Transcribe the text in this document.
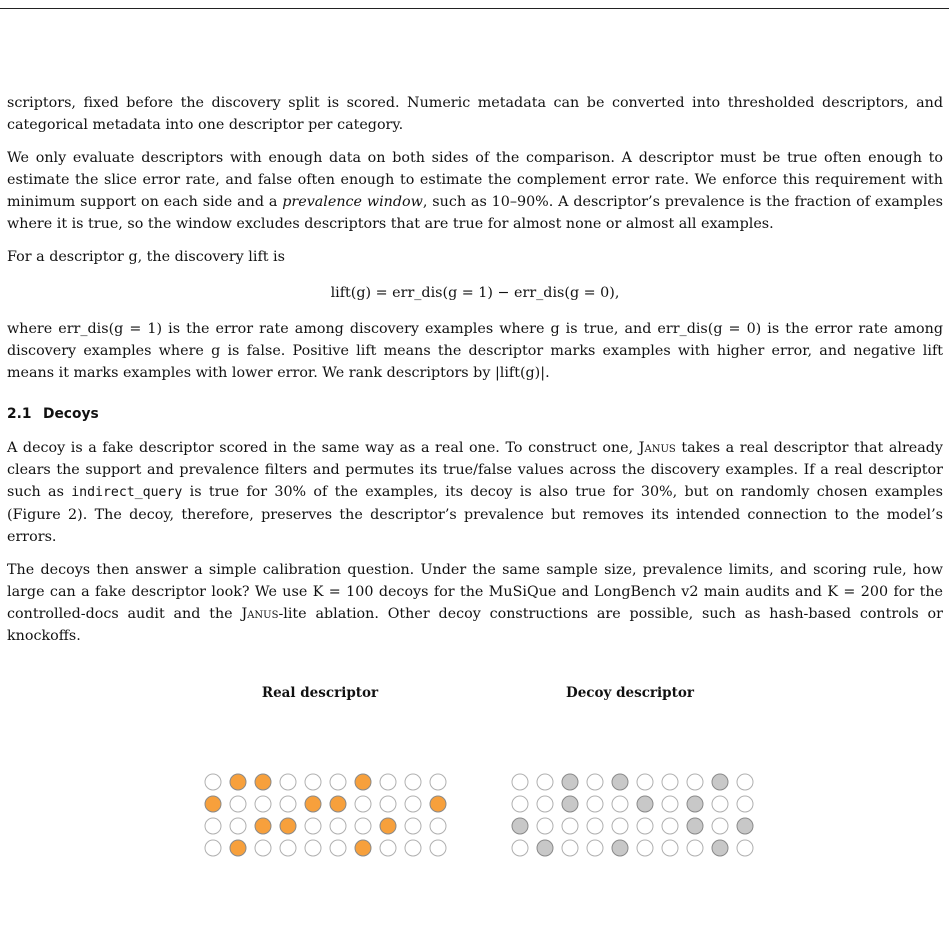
scriptors, fixed before the discovery split is scored. Numeric metadata can be converted into thresholded descriptors, and categorical metadata into one descriptor per category.

We only evaluate descriptors with enough data on both sides of the comparison. A descriptor must be true often enough to estimate the slice error rate, and false often enough to estimate the complement error rate. We enforce this requirement with minimum support on each side and a prevalence window, such as 10–90%. A descriptor’s prevalence is the fraction of examples where it is true, so the window excludes descriptors that are true for almost none or almost all examples.

For a descriptor g, the discovery lift is

lift(g) = err_dis(g = 1) − err_dis(g = 0),

where err_dis(g = 1) is the error rate among discovery examples where g is true, and err_dis(g = 0) is the error rate among discovery examples where g is false. Positive lift means the descriptor marks examples with higher error, and negative lift means it marks examples with lower error. We rank descriptors by |lift(g)|.

2.1 Decoys

A decoy is a fake descriptor scored in the same way as a real one. To construct one, Janus takes a real descriptor that already clears the support and prevalence filters and permutes its true/false values across the discovery examples. If a real descriptor such as indirect_query is true for 30% of the examples, its decoy is also true for 30%, but on randomly chosen examples (Figure 2). The decoy, therefore, preserves the descriptor’s prevalence but removes its intended connection to the model’s errors.

The decoys then answer a simple calibration question. Under the same sample size, prevalence limits, and scoring rule, how large can a fake descriptor look? We use K = 100 decoys for the MuSiQue and LongBench v2 main audits and K = 200 for the controlled-docs audit and the Janus-lite ablation. Other decoy constructions are possible, such as hash-based controls or knockoffs.

Real descriptor	Decoy descriptor
